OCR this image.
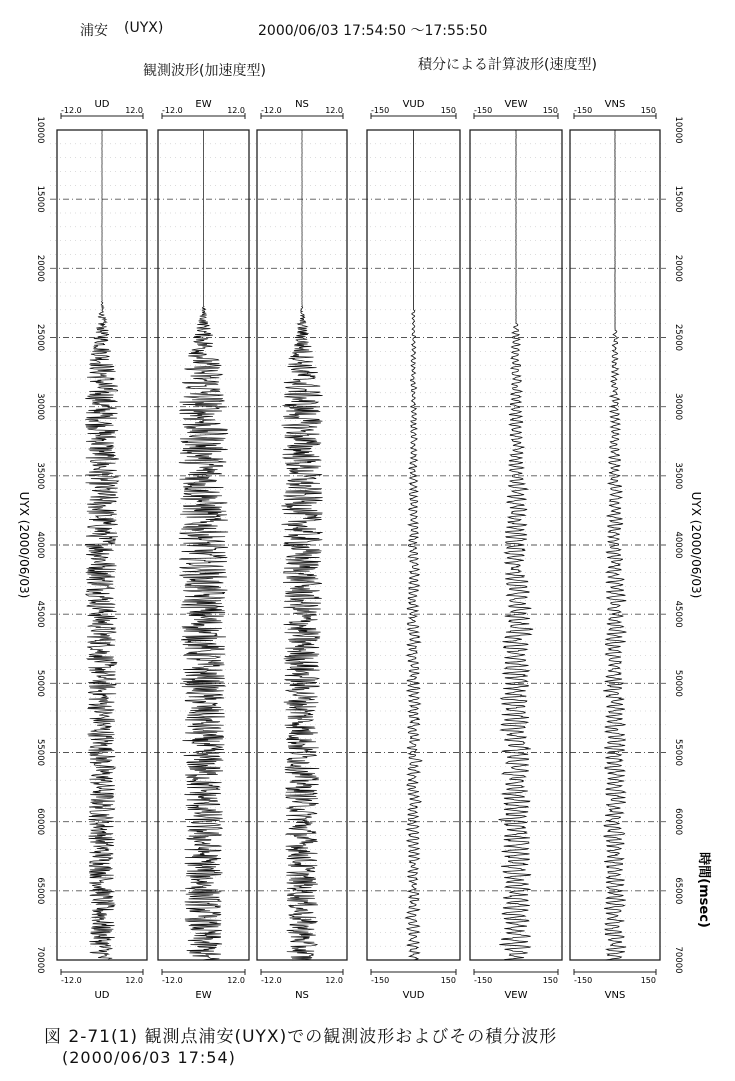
浦安 (UYX)	2000/06/03 17:54:50 ～17:55:50
観測波形(加速度型)	積分による計算波形(速度型)
10000	10000
15000	15000
20000	20000
25000	25000
30000	30000
35000	35000
40000	40000
45000	45000
50000	50000
55000	55000
60000	60000
65000	65000
70000	70000
UYX (2000/06/03)	UYX (2000/06/03)
時間(msec)
-12.0	12.0
UD
-12.0	12.0
UD
-12.0	12.0
EW
-12.0	12.0
EW
-12.0	12.0
NS
-12.0	12.0
NS
-150	150
VUD
-150	150
VUD
-150	150
VEW
-150	150
VEW
-150	150
VNS
-150	150
VNS
図 2-71(1) 観測点浦安(UYX)での観測波形およびその積分波形
(2000/06/03 17:54)
